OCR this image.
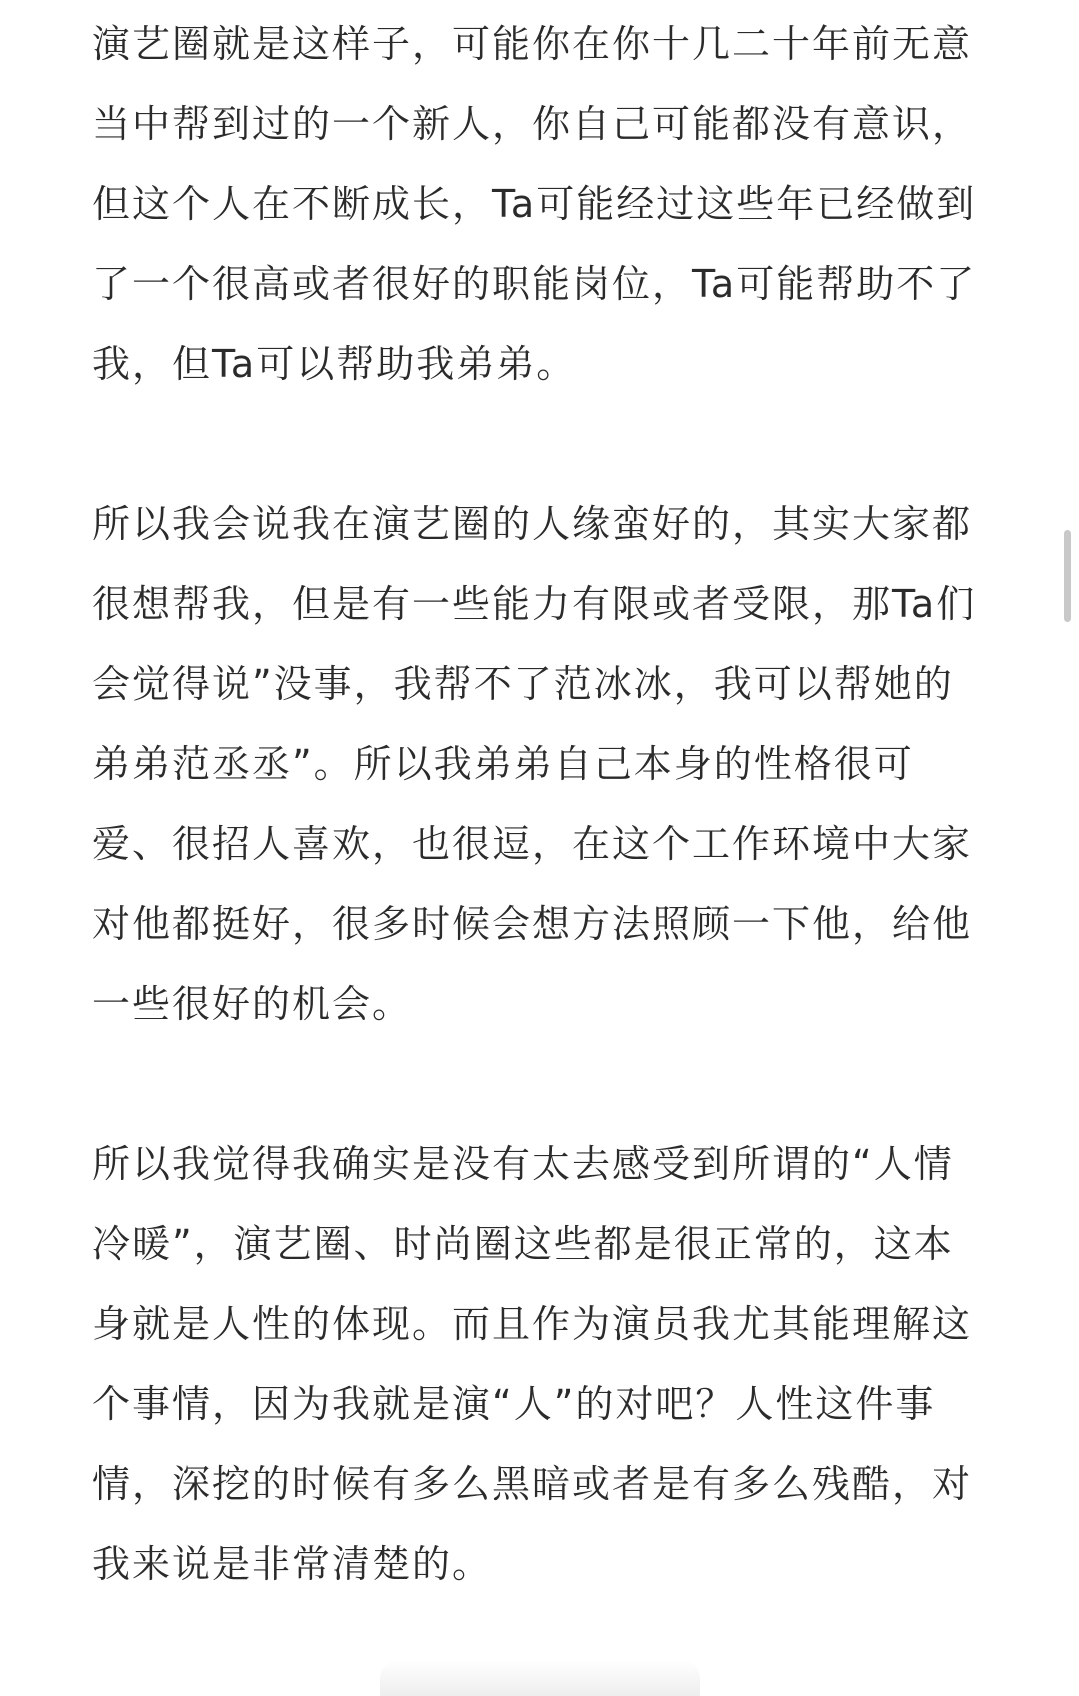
演艺圈就是这样子，可能你在你十几二十年前无意当中帮到过的一个新人，你自己可能都没有意识，但这个人在不断成长，Ta可能经过这些年已经做到了一个很高或者很好的职能岗位，Ta可能帮助不了我，但Ta可以帮助我弟弟。

所以我会说我在演艺圈的人缘蛮好的，其实大家都很想帮我，但是有一些能力有限或者受限，那Ta们会觉得说”没事，我帮不了范冰冰，我可以帮她的弟弟范丞丞”。所以我弟弟自己本身的性格很可爱、很招人喜欢，也很逗，在这个工作环境中大家对他都挺好，很多时候会想方法照顾一下他，给他一些很好的机会。

所以我觉得我确实是没有太去感受到所谓的“人情冷暖”，演艺圈、时尚圈这些都是很正常的，这本身就是人性的体现。而且作为演员我尤其能理解这个事情，因为我就是演“人”的对吧？人性这件事情，深挖的时候有多么黑暗或者是有多么残酷，对我来说是非常清楚的。
